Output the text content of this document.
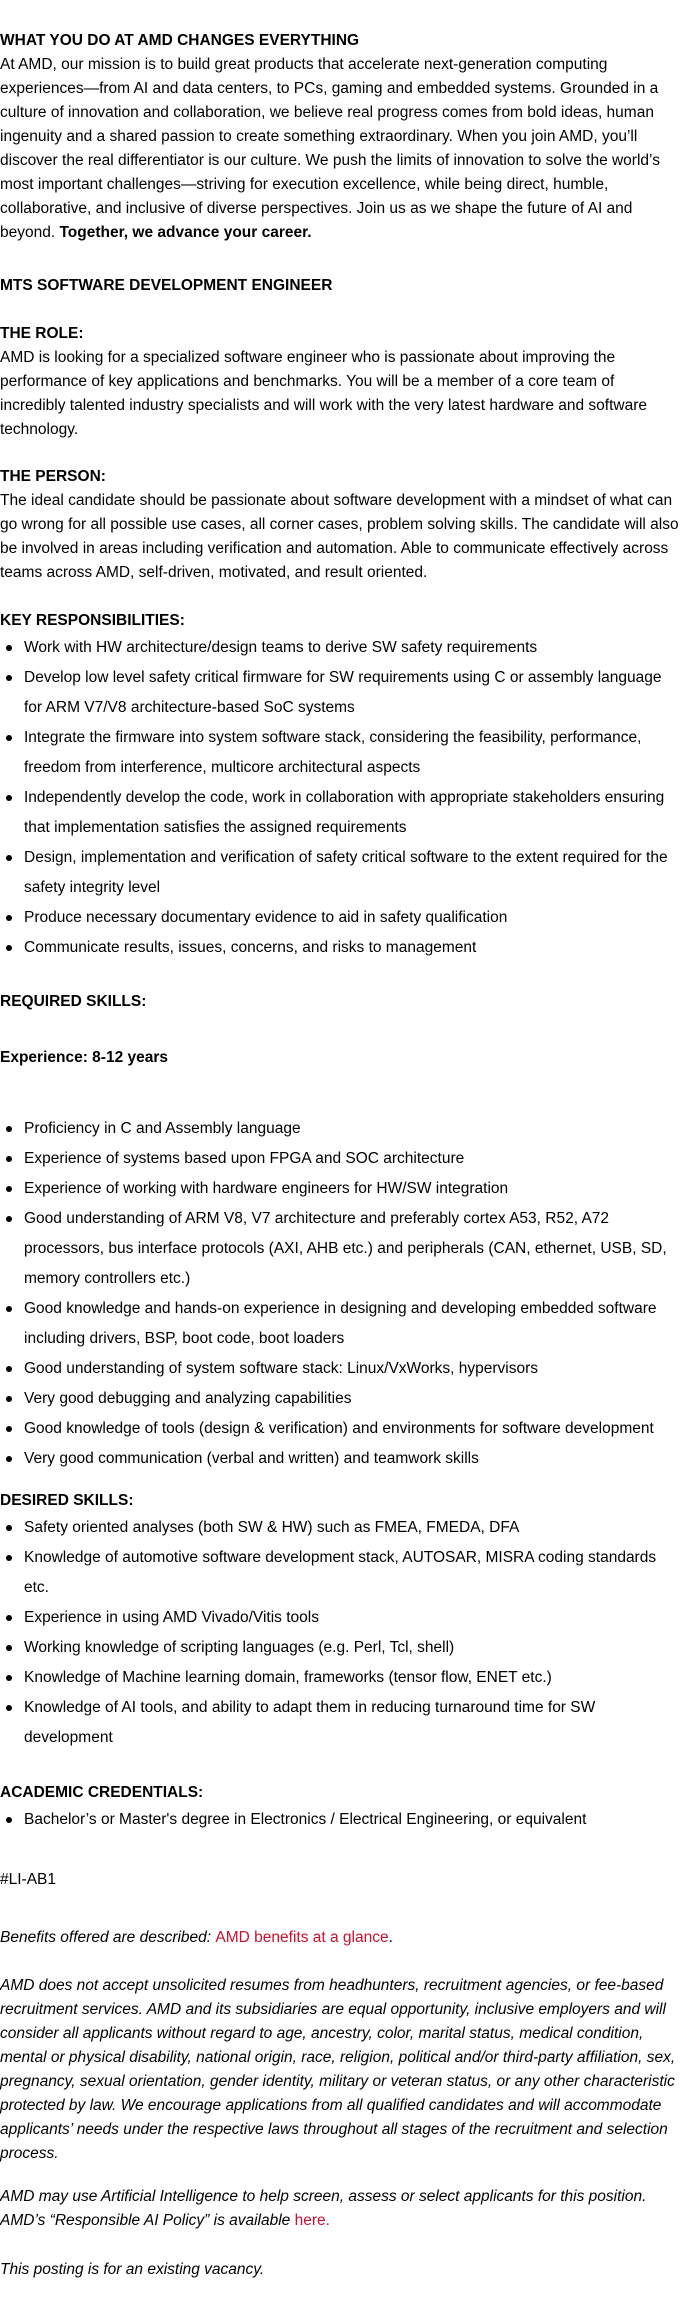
WHAT YOU DO AT AMD CHANGES EVERYTHING
At AMD, our mission is to build great products that accelerate next-generation computing experiences—from AI and data centers, to PCs, gaming and embedded systems. Grounded in a culture of innovation and collaboration, we believe real progress comes from bold ideas, human ingenuity and a shared passion to create something extraordinary. When you join AMD, you’ll discover the real differentiator is our culture. We push the limits of innovation to solve the world’s most important challenges—striving for execution excellence, while being direct, humble, collaborative, and inclusive of diverse perspectives. Join us as we shape the future of AI and beyond. Together, we advance your career.
MTS SOFTWARE DEVELOPMENT ENGINEER
THE ROLE:
AMD is looking for a specialized software engineer who is passionate about improving the performance of key applications and benchmarks. You will be a member of a core team of incredibly talented industry specialists and will work with the very latest hardware and software technology.
THE PERSON:
The ideal candidate should be passionate about software development with a mindset of what can go wrong for all possible use cases, all corner cases, problem solving skills. The candidate will also be involved in areas including verification and automation. Able to communicate effectively across teams across AMD, self-driven, motivated, and result oriented.
KEY RESPONSIBILITIES:
Work with HW architecture/design teams to derive SW safety requirements
Develop low level safety critical firmware for SW requirements using C or assembly language for ARM V7/V8 architecture-based SoC systems
Integrate the firmware into system software stack, considering the feasibility, performance, freedom from interference, multicore architectural aspects
Independently develop the code, work in collaboration with appropriate stakeholders ensuring that implementation satisfies the assigned requirements
Design, implementation and verification of safety critical software to the extent required for the safety integrity level
Produce necessary documentary evidence to aid in safety qualification
Communicate results, issues, concerns, and risks to management
REQUIRED SKILLS:
Experience: 8-12 years
Proficiency in C and Assembly language
Experience of systems based upon FPGA and SOC architecture
Experience of working with hardware engineers for HW/SW integration
Good understanding of ARM V8, V7 architecture and preferably cortex A53, R52, A72 processors, bus interface protocols (AXI, AHB etc.) and peripherals (CAN, ethernet, USB, SD, memory controllers etc.)
Good knowledge and hands-on experience in designing and developing embedded software including drivers, BSP, boot code, boot loaders
Good understanding of system software stack: Linux/VxWorks, hypervisors
Very good debugging and analyzing capabilities
Good knowledge of tools (design & verification) and environments for software development
Very good communication (verbal and written) and teamwork skills
DESIRED SKILLS:
Safety oriented analyses (both SW & HW) such as FMEA, FMEDA, DFA
Knowledge of automotive software development stack, AUTOSAR, MISRA coding standards etc.
Experience in using AMD Vivado/Vitis tools
Working knowledge of scripting languages (e.g. Perl, Tcl, shell)
Knowledge of Machine learning domain, frameworks (tensor flow, ENET etc.)
Knowledge of AI tools, and ability to adapt them in reducing turnaround time for SW development
ACADEMIC CREDENTIALS:
Bachelor’s or Master's degree in Electronics / Electrical Engineering, or equivalent
#LI-AB1
Benefits offered are described: AMD benefits at a glance.
AMD does not accept unsolicited resumes from headhunters, recruitment agencies, or fee-based recruitment services. AMD and its subsidiaries are equal opportunity, inclusive employers and will consider all applicants without regard to age, ancestry, color, marital status, medical condition, mental or physical disability, national origin, race, religion, political and/or third-party affiliation, sex, pregnancy, sexual orientation, gender identity, military or veteran status, or any other characteristic protected by law. We encourage applications from all qualified candidates and will accommodate applicants’ needs under the respective laws throughout all stages of the recruitment and selection process.
AMD may use Artificial Intelligence to help screen, assess or select applicants for this position. AMD’s “Responsible AI Policy” is available here.
This posting is for an existing vacancy.
